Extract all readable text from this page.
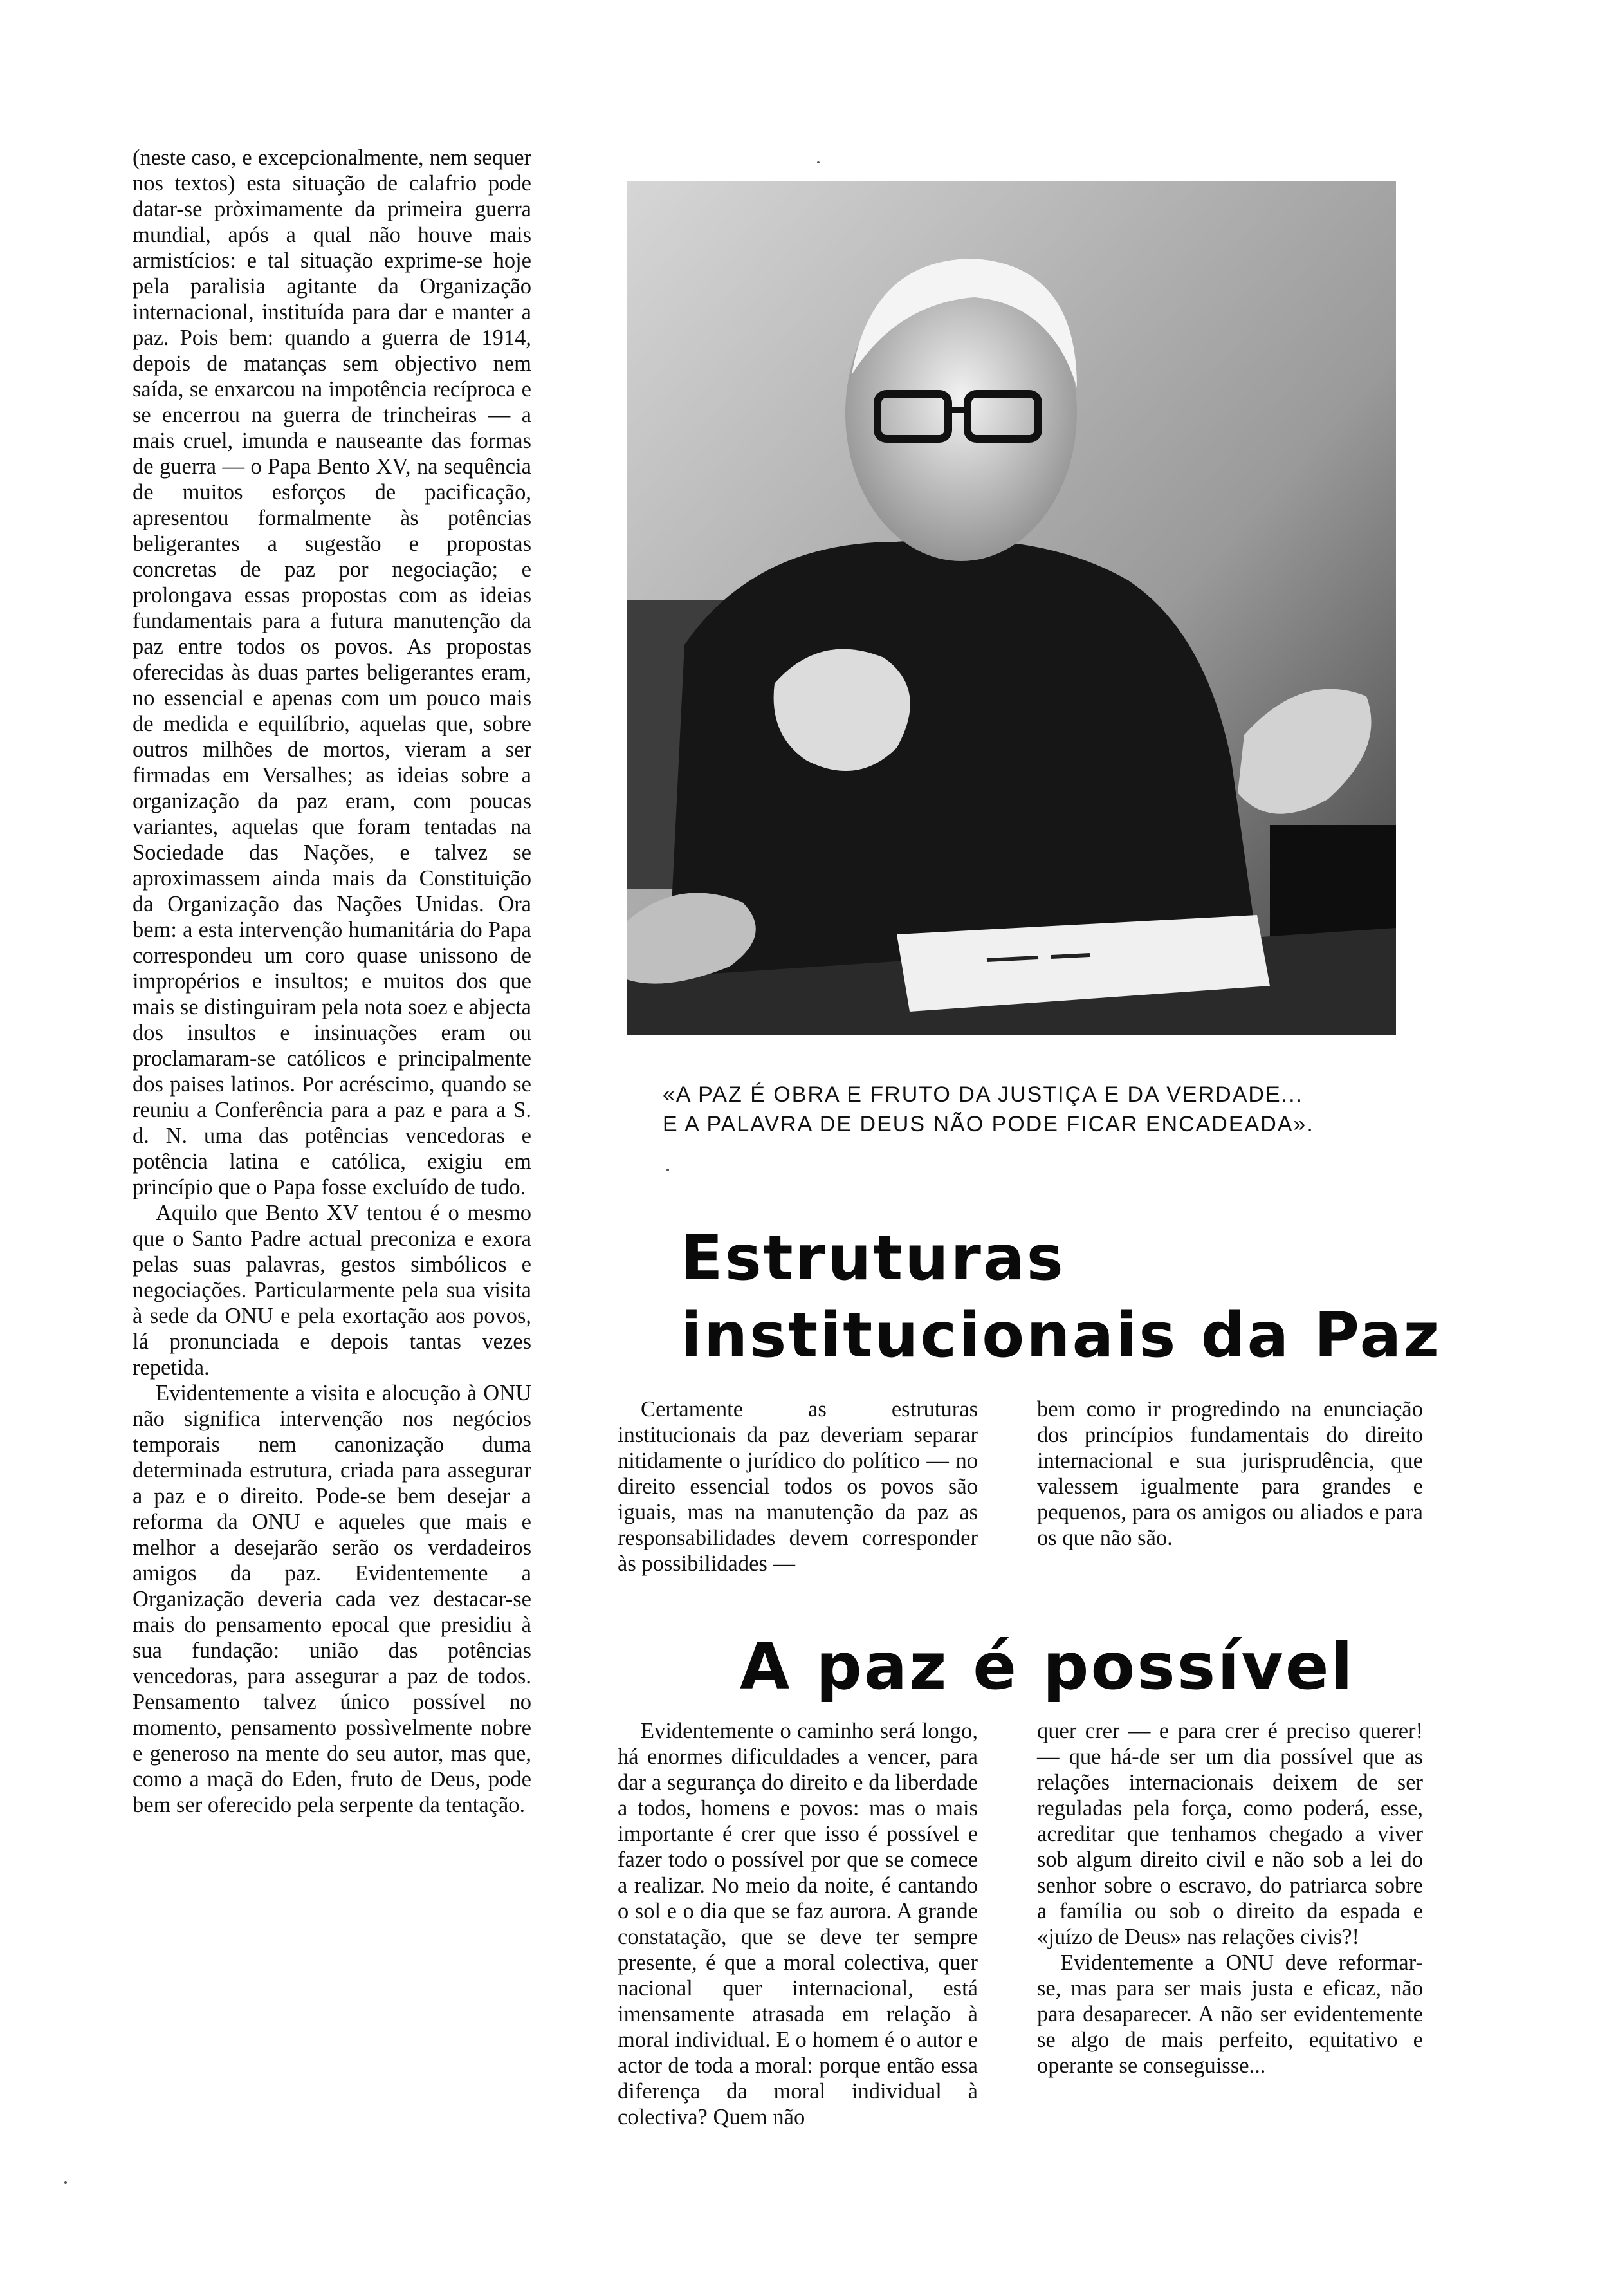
(neste caso, e excepcionalmente, nem sequer nos textos) esta situação de calafrio pode datar-se pròximamente da primeira guerra mundial, após a qual não houve mais armistícios: e tal situação exprime-se hoje pela paralisia agitante da Organização internacional, instituída para dar e manter a paz. Pois bem: quando a guerra de 1914, depois de matanças sem objectivo nem saída, se enxarcou na impotência recíproca e se encerrou na guerra de trincheiras — a mais cruel, imunda e nauseante das formas de guerra — o Papa Bento XV, na sequência de muitos esforços de pacificação, apresentou formalmente às potências beligerantes a sugestão e propostas concretas de paz por negociação; e prolongava essas propostas com as ideias fundamentais para a futura manutenção da paz entre todos os povos. As propostas oferecidas às duas partes beligerantes eram, no essencial e apenas com um pouco mais de medida e equilíbrio, aquelas que, sobre outros milhões de mortos, vieram a ser firmadas em Versalhes; as ideias sobre a organização da paz eram, com poucas variantes, aquelas que foram tentadas na Sociedade das Nações, e talvez se aproximassem ainda mais da Constituição da Organização das Nações Unidas. Ora bem: a esta intervenção humanitária do Papa correspondeu um coro quase unissono de impropérios e insultos; e muitos dos que mais se distinguiram pela nota soez e abjecta dos insultos e insinuações eram ou proclamaram-se católicos e principalmente dos paises latinos. Por acréscimo, quando se reuniu a Conferência para a paz e para a S. d. N. uma das potências vencedoras e potência latina e católica, exigiu em princípio que o Papa fosse excluído de tudo.

Aquilo que Bento XV tentou é o mesmo que o Santo Padre actual preconiza e exora pelas suas palavras, gestos simbólicos e negociações. Particularmente pela sua visita à sede da ONU e pela exortação aos povos, lá pronunciada e depois tantas vezes repetida.

Evidentemente a visita e alocução à ONU não significa intervenção nos negócios temporais nem canonização duma determinada estrutura, criada para assegurar a paz e o direito. Pode-se bem desejar a reforma da ONU e aqueles que mais e melhor a desejarão serão os verdadeiros amigos da paz. Evidentemente a Organização deveria cada vez destacar-se mais do pensamento epocal que presidiu à sua fundação: união das potências vencedoras, para assegurar a paz de todos. Pensamento talvez único possível no momento, pensamento possìvelmente nobre e generoso na mente do seu autor, mas que, como a maçã do Eden, fruto de Deus, pode bem ser oferecido pela serpente da tentação.

«A PAZ É OBRA E FRUTO DA JUSTIÇA E DA VERDADE...
E A PALAVRA DE DEUS NÃO PODE FICAR ENCADEADA».
Estruturas
institucionais da Paz

Certamente as estruturas institucionais da paz deveriam separar nitidamente o jurídico do político — no direito essencial todos os povos são iguais, mas na manutenção da paz as responsabilidades devem corresponder às possibilidades —

bem como ir progredindo na enunciação dos princípios fundamentais do direito internacional e sua jurisprudência, que valessem igualmente para grandes e pequenos, para os amigos ou aliados e para os que não são.

A paz é possível

Evidentemente o caminho será longo, há enormes dificuldades a vencer, para dar a segurança do direito e da liberdade a todos, homens e povos: mas o mais importante é crer que isso é possível e fazer todo o possível por que se comece a realizar. No meio da noite, é cantando o sol e o dia que se faz aurora. A grande constatação, que se deve ter sempre presente, é que a moral colectiva, quer nacional quer internacional, está imensamente atrasada em relação à moral individual. E o homem é o autor e actor de toda a moral: porque então essa diferença da moral individual à colectiva? Quem não

quer crer — e para crer é preciso querer! — que há-de ser um dia possível que as relações internacionais deixem de ser reguladas pela força, como poderá, esse, acreditar que tenhamos chegado a viver sob algum direito civil e não sob a lei do senhor sobre o escravo, do patriarca sobre a família ou sob o direito da espada e «juízo de Deus» nas relações civis?!

Evidentemente a ONU deve reformar-se, mas para ser mais justa e eficaz, não para desaparecer. A não ser evidentemente se algo de mais perfeito, equitativo e operante se conseguisse...
